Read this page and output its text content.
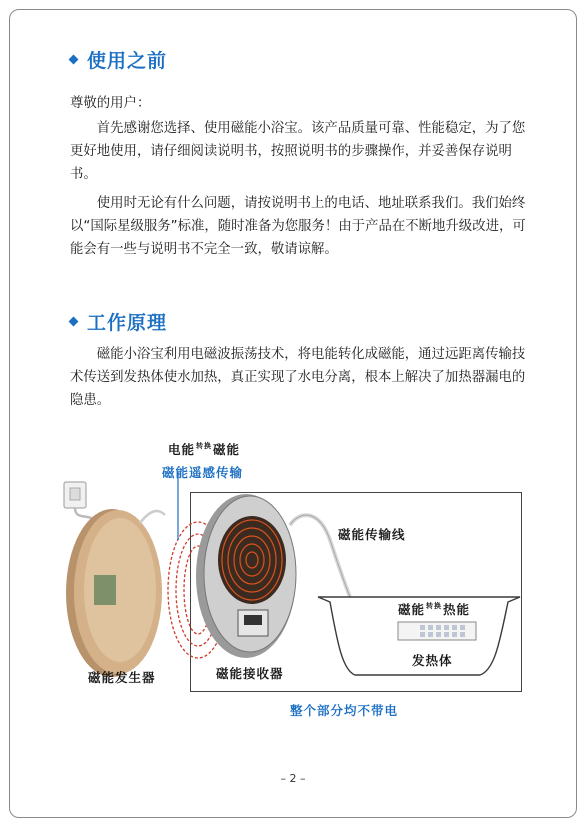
使用之前

尊敬的用户：

首先感谢您选择、使用磁能小浴宝。该产品质量可靠、性能稳定，为了您更好地使用，请仔细阅读说明书，按照说明书的步骤操作，并妥善保存说明书。

使用时无论有什么问题，请按说明书上的电话、地址联系我们。我们始终以“国际星级服务”标准，随时准备为您服务！由于产品在不断地升级改进，可能会有一些与说明书不完全一致，敬请谅解。

工作原理

磁能小浴宝利用电磁波振荡技术，将电能转化成磁能，通过远距离传输技术传送到发热体使水加热，真正实现了水电分离，根本上解决了加热器漏电的隐患。

电能$^{转换}$磁能
磁能遥感传输
磁能发生器	磁能接收器
磁能传输线
磁能$^{转换}$热能
发热体
整个部分均不带电
– 2 –
